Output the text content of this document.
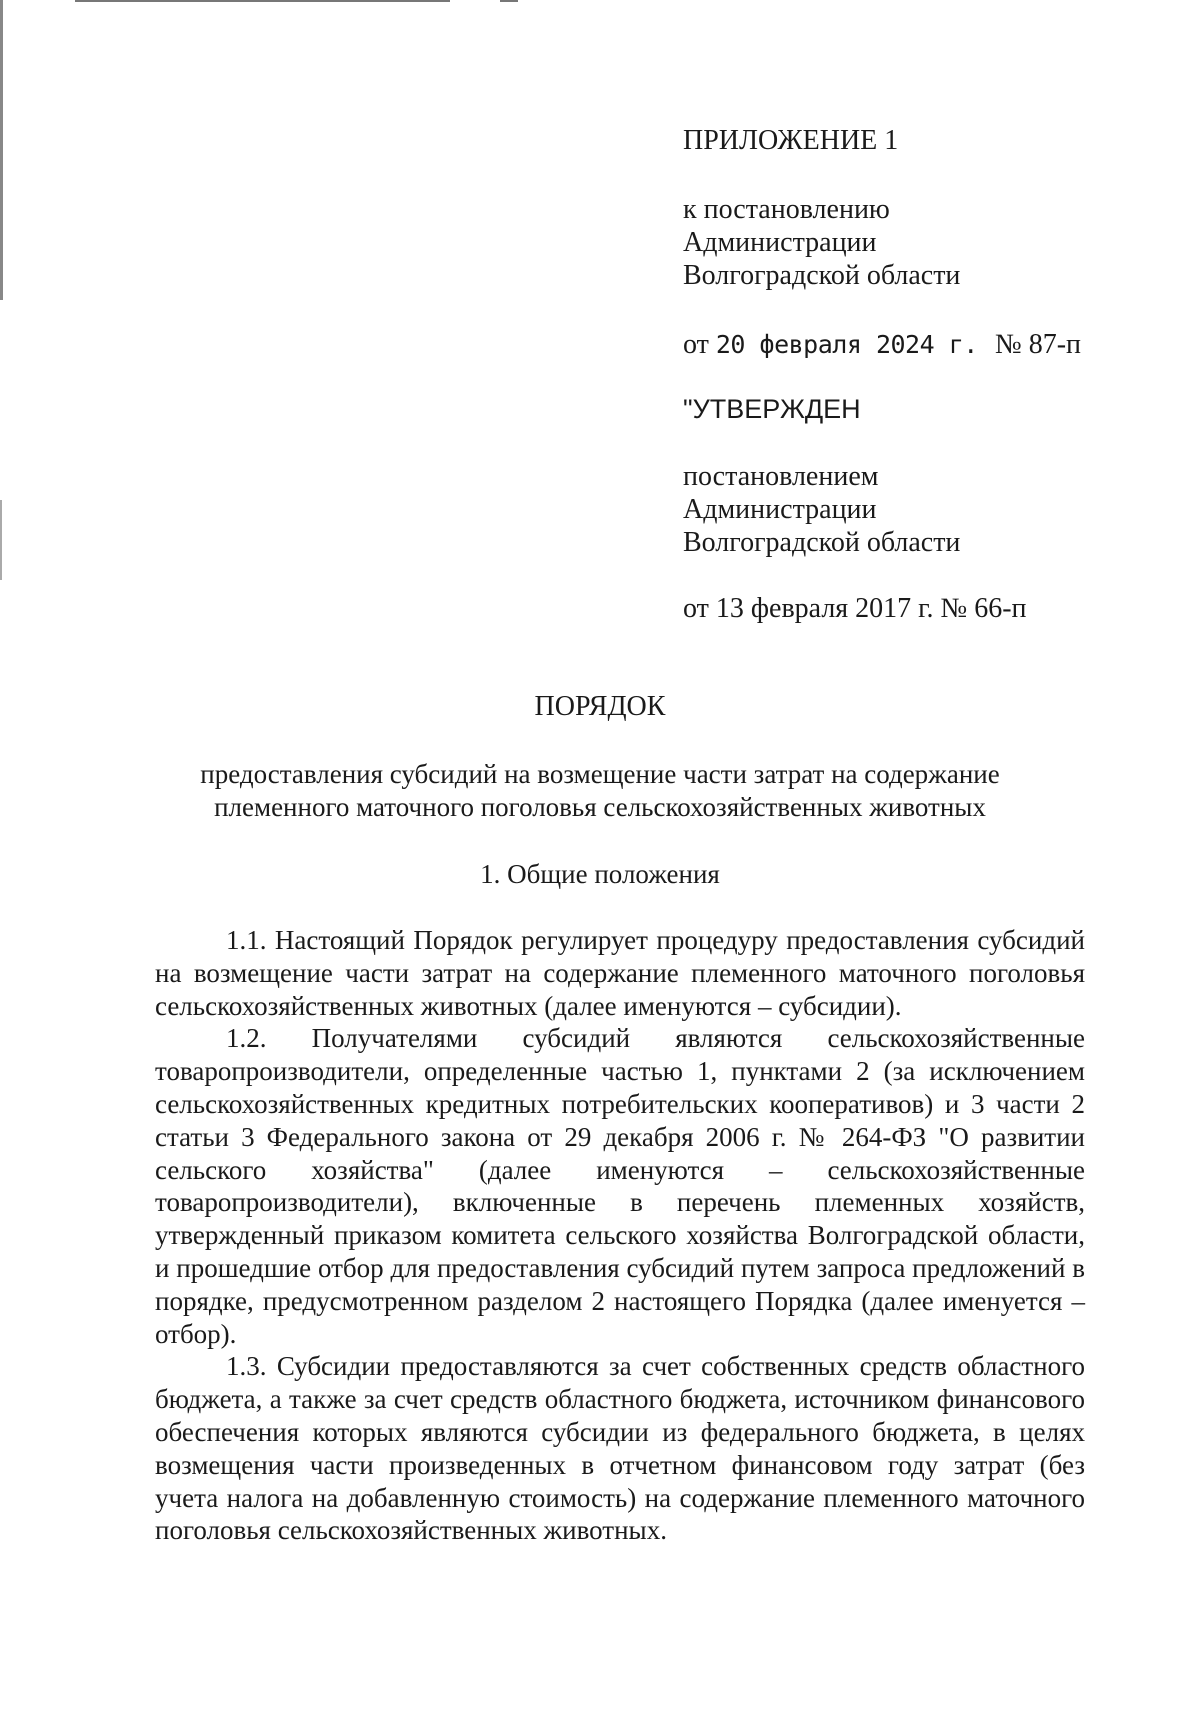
ПРИЛОЖЕНИЕ 1
к постановлению
Администрации
Волгоградской области
от 20 февраля 2024 г. № 87-п
"УТВЕРЖДЕН
постановлением
Администрации
Волгоградской области
от 13 февраля 2017 г. № 66-п
ПОРЯДОК
предоставления субсидий на возмещение части затрат на содержание
племенного маточного поголовья сельскохозяйственных животных
1. Общие положения

1.1. Настоящий Порядок регулирует процедуру предоставления субсидий на возмещение части затрат на содержание племенного маточного поголовья сельскохозяйственных животных (далее именуются – субсидии).

1.2. Получателями субсидий являются сельскохозяйственные товаропроизводители, определенные частью 1, пунктами 2 (за исключением сельскохозяйственных кредитных потребительских кооперативов) и 3 части 2 статьи 3 Федерального закона от 29 декабря 2006 г. № 264-ФЗ "О развитии сельского хозяйства" (далее именуются – сельскохозяйственные товаропроизводители), включенные в перечень племенных хозяйств, утвержденный приказом комитета сельского хозяйства Волгоградской области, и прошедшие отбор для предоставления субсидий путем запроса предложений в порядке, предусмотренном разделом 2 настоящего Порядка (далее именуется – отбор).

1.3. Субсидии предоставляются за счет собственных средств областного бюджета, а также за счет средств областного бюджета, источником финансового обеспечения которых являются субсидии из федерального бюджета, в целях возмещения части произведенных в отчетном финансовом году затрат (без учета налога на добавленную стоимость) на содержание племенного маточного поголовья сельскохозяйственных животных.
